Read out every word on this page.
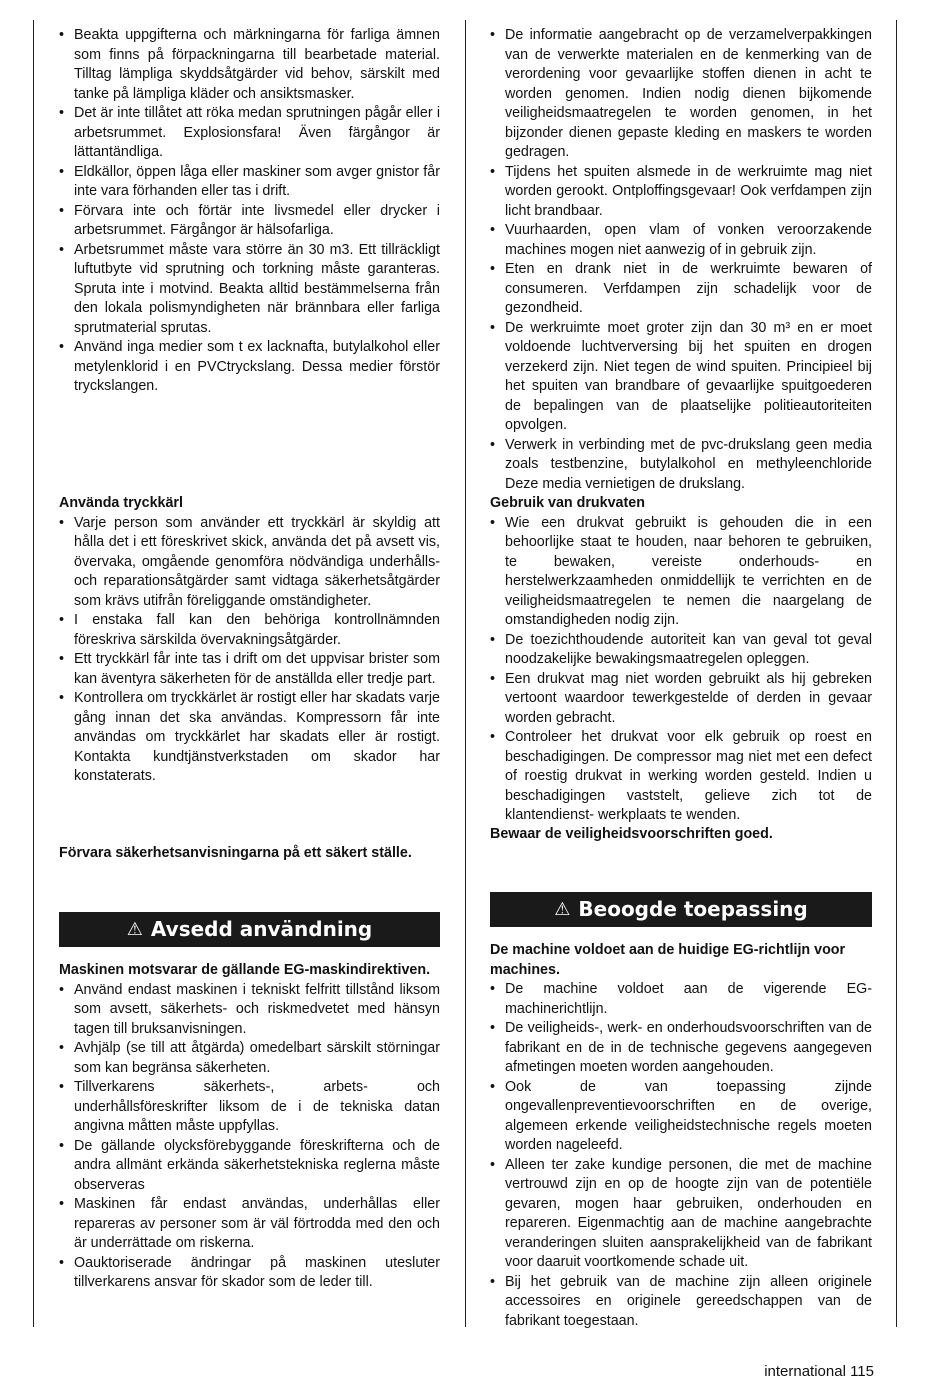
• Beakta uppgifterna och märkningarna för farliga ämnen som finns på förpackningarna till bearbetade material. Tilltag lämpliga skyddsåtgärder vid behov, särskilt med tanke på lämpliga kläder och ansiktsmasker.
• Det är inte tillåtet att röka medan sprutningen pågår eller i arbetsrummet. Explosionsfara! Även färgångor är lättantändliga.
• Eldkällor, öppen låga eller maskiner som avger gnistor får inte vara förhanden eller tas i drift.
• Förvara inte och förtär inte livsmedel eller drycker i arbetsrummet. Färgångor är hälsofarliga.
• Arbetsrummet måste vara större än 30 m3. Ett tillräckligt luftutbyte vid sprutning och torkning måste garanteras. Spruta inte i motvind. Beakta alltid bestämmelserna från den lokala polismyndigheten när brännbara eller farliga sprutmaterial sprutas.
• Använd inga medier som t ex lacknafta, butylalkohol eller metylenklorid i en PVCtryckslang. Dessa medier förstör tryckslangen.
Använda tryckkärl
• Varje person som använder ett tryckkärl är skyldig att hålla det i ett föreskrivet skick, använda det på avsett vis, övervaka, omgående genomföra nödvändiga underhålls- och reparationsåtgärder samt vidtaga säkerhetsåtgärder som krävs utifrån föreliggande omständigheter.
• I enstaka fall kan den behöriga kontrollnämnden föreskriva särskilda övervakningsåtgärder.
• Ett tryckkärl får inte tas i drift om det uppvisar brister som kan äventyra säkerheten för de anställda eller tredje part.
• Kontrollera om tryckkärlet är rostigt eller har skadats varje gång innan det ska användas. Kompressorn får inte användas om tryckkärlet har skadats eller är rostigt. Kontakta kundtjänstverkstaden om skador har konstaterats.
Förvara säkerhetsanvisningarna på ett säkert ställe.
⚠ Avsedd användning
Maskinen motsvarar de gällande EG-maskindirektiven.
• Använd endast maskinen i tekniskt felfritt tillstånd liksom som avsett, säkerhets- och riskmedvetet med hänsyn tagen till bruksanvisningen.
• Avhjälp (se till att åtgärda) omedelbart särskilt störningar som kan begränsa säkerheten.
• Tillverkarens säkerhets-, arbets- och underhållsföreskrifter liksom de i de tekniska datan angivna måtten måste uppfyllas.
• De gällande olycksförebyggande föreskrifterna och de andra allmänt erkända säkerhetstekniska reglerna måste observeras
• Maskinen får endast användas, underhållas eller repareras av personer som är väl förtrodda med den och är underrättade om riskerna.
• Oauktoriserade ändringar på maskinen utesluter tillverkarens ansvar för skador som de leder till.
• De informatie aangebracht op de verzamelverpakkingen van de verwerkte materialen en de kenmerking van de verordening voor gevaarlijke stoffen dienen in acht te worden genomen. Indien nodig dienen bijkomende veiligheidsmaatregelen te worden genomen, in het bijzonder dienen gepaste kleding en maskers te worden gedragen.
• Tijdens het spuiten alsmede in de werkruimte mag niet worden gerookt. Ontploffingsgevaar! Ook verfdampen zijn licht brandbaar.
• Vuurhaarden, open vlam of vonken veroorzakende machines mogen niet aanwezig of in gebruik zijn.
• Eten en drank niet in de werkruimte bewaren of consumeren. Verfdampen zijn schadelijk voor de gezondheid.
• De werkruimte moet groter zijn dan 30 m³ en er moet voldoende luchtverversing bij het spuiten en drogen verzekerd zijn. Niet tegen de wind spuiten. Principieel bij het spuiten van brandbare of gevaarlijke spuitgoederen de bepalingen van de plaatselijke politieautoriteiten opvolgen.
• Verwerk in verbinding met de pvc-drukslang geen media zoals testbenzine, butylalkohol en methyleenchloride Deze media vernietigen de drukslang.
Gebruik van drukvaten
• Wie een drukvat gebruikt is gehouden die in een behoorlijke staat te houden, naar behoren te gebruiken, te bewaken, vereiste onderhouds- en herstelwerkzaamheden onmiddellijk te verrichten en de veiligheidsmaatregelen te nemen die naargelang de omstandigheden nodig zijn.
• De toezichthoudende autoriteit kan van geval tot geval noodzakelijke bewakingsmaatregelen opleggen.
• Een drukvat mag niet worden gebruikt als hij gebreken vertoont waardoor tewerkgestelde of derden in gevaar worden gebracht.
• Controleer het drukvat voor elk gebruik op roest en beschadigingen. De compressor mag niet met een defect of roestig drukvat in werking worden gesteld. Indien u beschadigingen vaststelt, gelieve zich tot de klantendienst- werkplaats te wenden.
Bewaar de veiligheidsvoorschriften goed.
⚠ Beoogde toepassing
De machine voldoet aan de huidige EG-richtlijn voor machines.
• De machine voldoet aan de vigerende EG-machinerichtlijn.
• De veiligheids-, werk- en onderhoudsvoorschriften van de fabrikant en de in de technische gegevens aangegeven afmetingen moeten worden aangehouden.
• Ook de van toepassing zijnde ongevallenpreventievoorschriften en de overige, algemeen erkende veiligheidstechnische regels moeten worden nageleefd.
• Alleen ter zake kundige personen, die met de machine vertrouwd zijn en op de hoogte zijn van de potentiële gevaren, mogen haar gebruiken, onderhouden en repareren. Eigenmachtig aan de machine aangebrachte veranderingen sluiten aansprakelijkheid van de fabrikant voor daaruit voortkomende schade uit.
• Bij het gebruik van de machine zijn alleen originele accessoires en originele gereedschappen van de fabrikant toegestaan.
international 115
